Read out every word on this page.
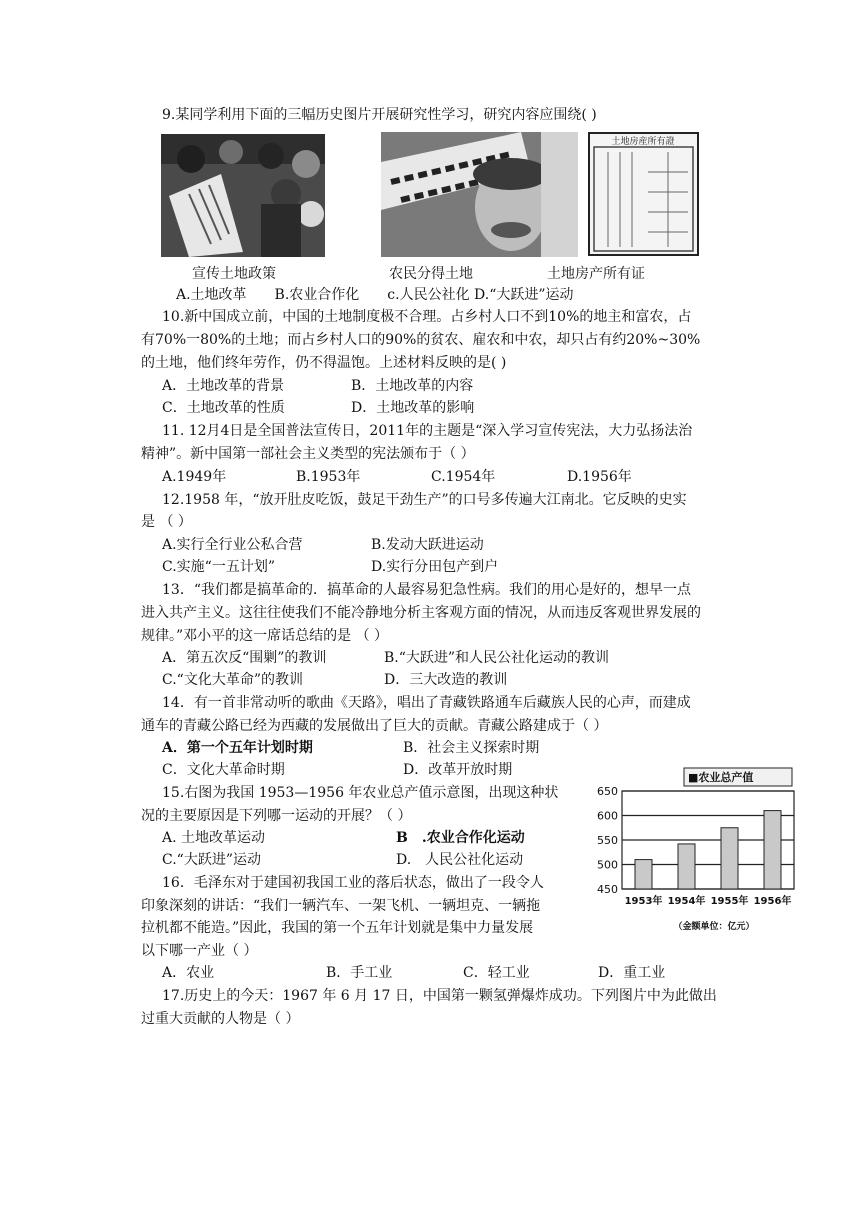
9.某同学利用下面的三幅历史图片开展研究性学习，研究内容应围绕( )
土地房産所有證
宣传土地政策	农民分得土地	土地房产所有证
A.土地改革　　B.农业合作化　　c.人民公社化 D.“大跃进”运动
10.新中国成立前，中国的土地制度极不合理。占乡村人口不到10%的地主和富农，占
有70%一80%的土地；而占乡村人口的90%的贫农、雇农和中农，却只占有约20%~30%
的土地，他们终年劳作，仍不得温饱。上述材料反映的是( )
A．土地改革的背景	B．土地改革的内容
C．土地改革的性质	D．土地改革的影响
11. 12月4日是全国普法宣传日，2011年的主题是“深入学习宣传宪法，大力弘扬法治
精神”。新中国第一部社会主义类型的宪法颁布于（ ）
A.1949年	B.1953年	C.1954年	D.1956年
12.1958 年，“放开肚皮吃饭，鼓足干劲生产”的口号多传遍大江南北。它反映的史实
是 （ ）
A.实行全行业公私合营	B.发动大跃进运动
C.实施“一五计划”	D.实行分田包产到户
13．“我们都是搞革命的．搞革命的人最容易犯急性病。我们的用心是好的，想早一点
进入共产主义。这往往使我们不能冷静地分析主客观方面的情况，从而违反客观世界发展的
规律。”邓小平的这一席话总结的是 （ ）
A．第五次反“围剿”的教训	B.“大跃进”和人民公社化运动的教训
C.“文化大革命”的教训	D．三大改造的教训
14．有一首非常动听的歌曲《天路》，唱出了青藏铁路通车后藏族人民的心声，而建成
通车的青藏公路已经为西藏的发展做出了巨大的贡献。青藏公路建成于（ ）
A．第一个五年计划时期	B．社会主义探索时期
C．文化大革命时期	D．改革开放时期
15.右图为我国 1953—1956 年农业总产值示意图，出现这种状
况的主要原因是下列哪一运动的开展？（ ）
A. 土地改革运动	B　.农业合作化运动
C.“大跃进”运动	D.　人民公社化运动
■农业总产值
450
500
550
600
650
1953年 1954年 1955年 1956年
（金额单位：亿元）
16．毛泽东对于建国初我国工业的落后状态，做出了一段令人
印象深刻的讲话：“我们一辆汽车、一架飞机、一辆坦克、一辆拖
拉机都不能造。”因此，我国的第一个五年计划就是集中力量发展
以下哪一产业（ ）
A．农业	B．手工业	C．轻工业	D．重工业
17.历史上的今天：1967 年 6 月 17 日，中国第一颗氢弹爆炸成功。下列图片中为此做出
过重大贡献的人物是（ ）
